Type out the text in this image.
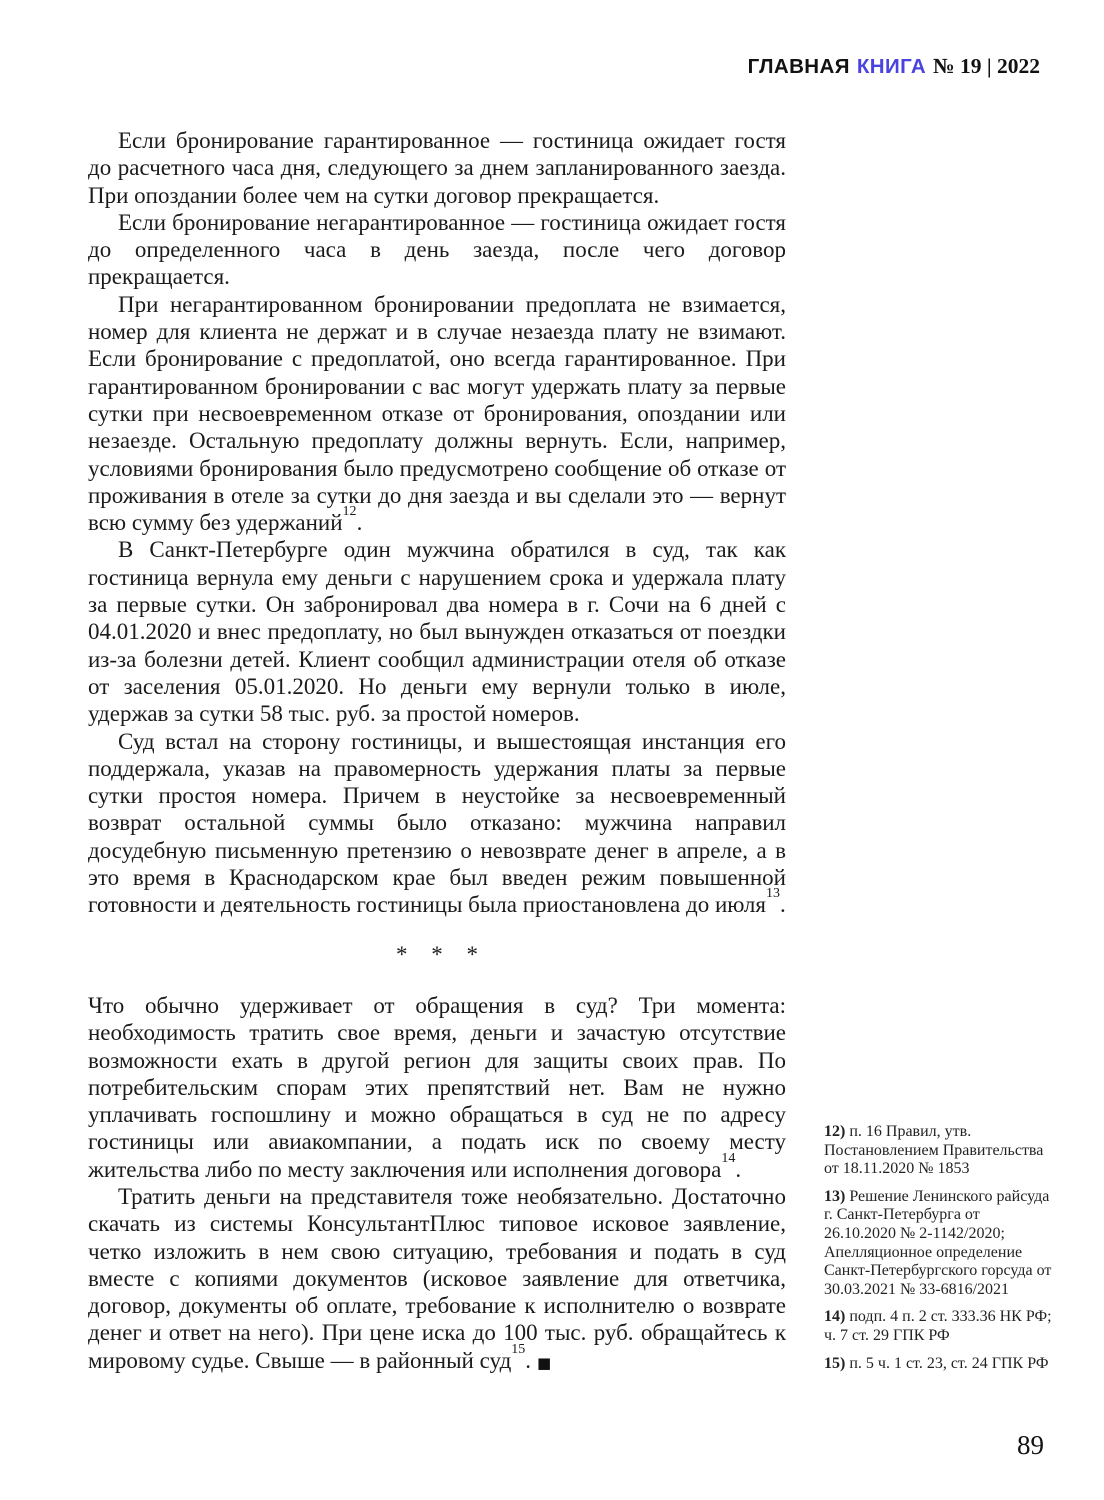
ГЛАВНАЯ КНИГА № 19 | 2022

Если бронирование гарантированное — гостиница ожидает гостя до расчетного часа дня, следующего за днем запланированного заезда. При опоздании более чем на сутки договор прекращается.

Если бронирование негарантированное — гостиница ожидает гостя до определенного часа в день заезда, после чего договор прекращается.

При негарантированном бронировании предоплата не взимается, номер для клиента не держат и в случае незаезда плату не взимают. Если бронирование с предоплатой, оно всегда гарантированное. При гарантированном бронировании с вас могут удержать плату за первые сутки при несвоевременном отказе от бронирования, опоздании или незаезде. Остальную предоплату должны вернуть. Если, например, условиями бронирования было предусмотрено сообщение об отказе от проживания в отеле за сутки до дня заезда и вы сделали это — вернут всю сумму без удержаний$^{12}$.

В Санкт-Петербурге один мужчина обратился в суд, так как гостиница вернула ему деньги с нарушением срока и удержала плату за первые сутки. Он забронировал два номера в г. Сочи на 6 дней с 04.01.2020 и внес предоплату, но был вынужден отказаться от поездки из-за болезни детей. Клиент сообщил администрации отеля об отказе от заселения 05.01.2020. Но деньги ему вернули только в июле, удержав за сутки 58 тыс. руб. за простой номеров.

Суд встал на сторону гостиницы, и вышестоящая инстанция его поддержала, указав на правомерность удержания платы за первые сутки простоя номера. Причем в неустойке за несвоевременный возврат остальной суммы было отказано: мужчина направил досудебную письменную претензию о невозврате денег в апреле, а в это время в Краснодарском крае был введен режим повышенной готовности и деятельность гостиницы была приостановлена до июля$^{13}$.

* * *

Что обычно удерживает от обращения в суд? Три момента: необходимость тратить свое время, деньги и зачастую отсутствие возможности ехать в другой регион для защиты своих прав. По потребительским спорам этих препятствий нет. Вам не нужно уплачивать госпошлину и можно обращаться в суд не по адресу гостиницы или авиакомпании, а подать иск по своему месту жительства либо по месту заключения или исполнения договора$^{14}$.

Тратить деньги на представителя тоже необязательно. Достаточно скачать из системы КонсультантПлюс типовое исковое заявление, четко изложить в нем свою ситуацию, требования и подать в суд вместе с копиями документов (исковое заявление для ответчика, договор, документы об оплате, требование к исполнителю о возврате денег и ответ на него). При цене иска до 100 тыс. руб. обращайтесь к мировому судье. Свыше — в районный суд$^{15}$. ■

12) п. 16 Правил, утв. Постановлением Правительства от 18.11.2020 № 1853
13) Решение Ленинского райсуда г. Санкт-Петербурга от 26.10.2020 № 2-1142/2020; Апелляционное определение Санкт-Петербургского горсуда от 30.03.2021 № 33-6816/2021
14) подп. 4 п. 2 ст. 333.36 НК РФ; ч. 7 ст. 29 ГПК РФ
15) п. 5 ч. 1 ст. 23, ст. 24 ГПК РФ
89
